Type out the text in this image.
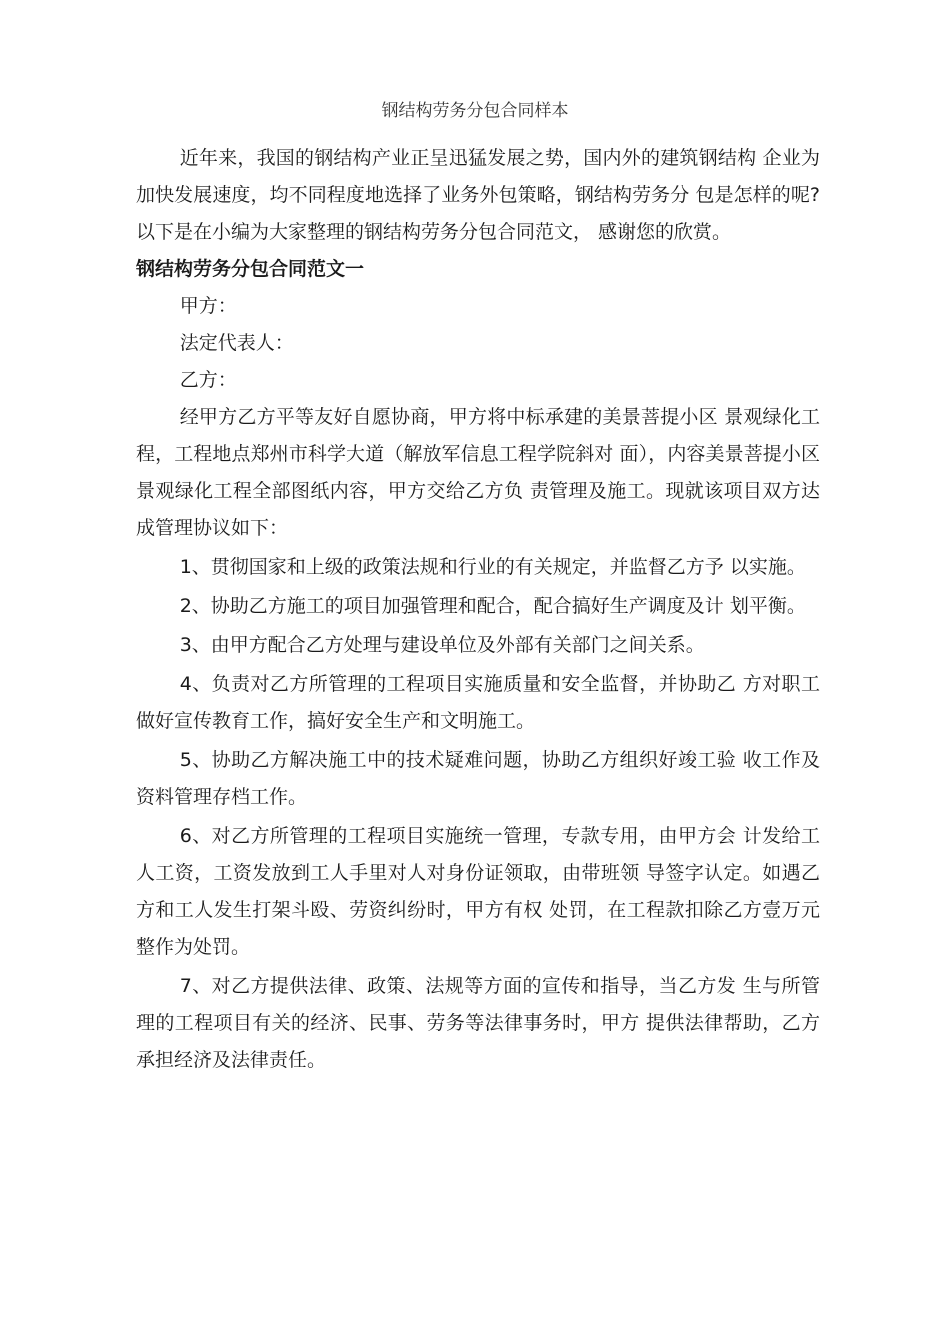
钢结构劳务分包合同样本

近年来，我国的钢结构产业正呈迅猛发展之势，国内外的建筑钢结构 企业为加快发展速度，均不同程度地选择了业务外包策略，钢结构劳务分 包是怎样的呢?以下是在小编为大家整理的钢结构劳务分包合同范文， 感谢您的欣赏。

钢结构劳务分包合同范文一

甲方：

法定代表人：

乙方：

经甲方乙方平等友好自愿协商，甲方将中标承建的美景菩提小区 景观绿化工程，工程地点郑州市科学大道（解放军信息工程学院斜对 面），内容美景菩提小区景观绿化工程全部图纸内容，甲方交给乙方负 责管理及施工。现就该项目双方达成管理协议如下：

1、贯彻国家和上级的政策法规和行业的有关规定，并监督乙方予 以实施。

2、协助乙方施工的项目加强管理和配合，配合搞好生产调度及计 划平衡。

3、由甲方配合乙方处理与建设单位及外部有关部门之间关系。

4、负责对乙方所管理的工程项目实施质量和安全监督，并协助乙 方对职工做好宣传教育工作，搞好安全生产和文明施工。

5、协助乙方解决施工中的技术疑难问题，协助乙方组织好竣工验 收工作及资料管理存档工作。

6、对乙方所管理的工程项目实施统一管理，专款专用，由甲方会 计发给工人工资，工资发放到工人手里对人对身份证领取，由带班领 导签字认定。如遇乙方和工人发生打架斗殴、劳资纠纷时，甲方有权 处罚，在工程款扣除乙方壹万元整作为处罚。

7、对乙方提供法律、政策、法规等方面的宣传和指导，当乙方发 生与所管理的工程项目有关的经济、民事、劳务等法律事务时，甲方 提供法律帮助，乙方承担经济及法律责任。
